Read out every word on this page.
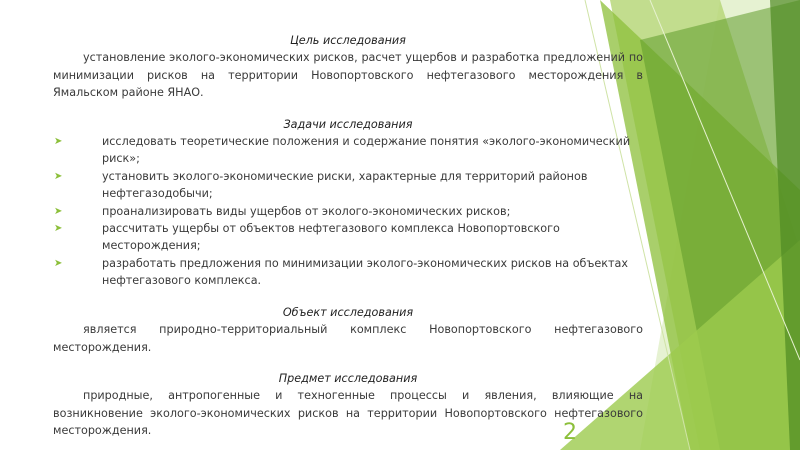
Цель исследования

установление эколого-экономических рисков, расчет ущербов и разработка предложений по минимизации рисков на территории Новопортовского нефтегазового месторождения в Ямальском районе ЯНАО.

Задачи исследования

➤	исследовать теоретические положения и содержание понятия «эколого-экономический риск»;
➤	установить эколого-экономические риски, характерные для территорий районов нефтегазодобычи;
➤	проанализировать виды ущербов от эколого-экономических рисков;
➤	рассчитать ущербы от объектов нефтегазового комплекса Новопортовского месторождения;
➤	разработать предложения по минимизации эколого-экономических рисков на объектах нефтегазового комплекса.

Объект исследования

является природно-территориальный комплекс Новопортовского нефтегазового месторождения.

Предмет исследования

природные, антропогенные и техногенные процессы и явления, влияющие на возникновение эколого-экономических рисков на территории Новопортовского нефтегазового месторождения.	2
